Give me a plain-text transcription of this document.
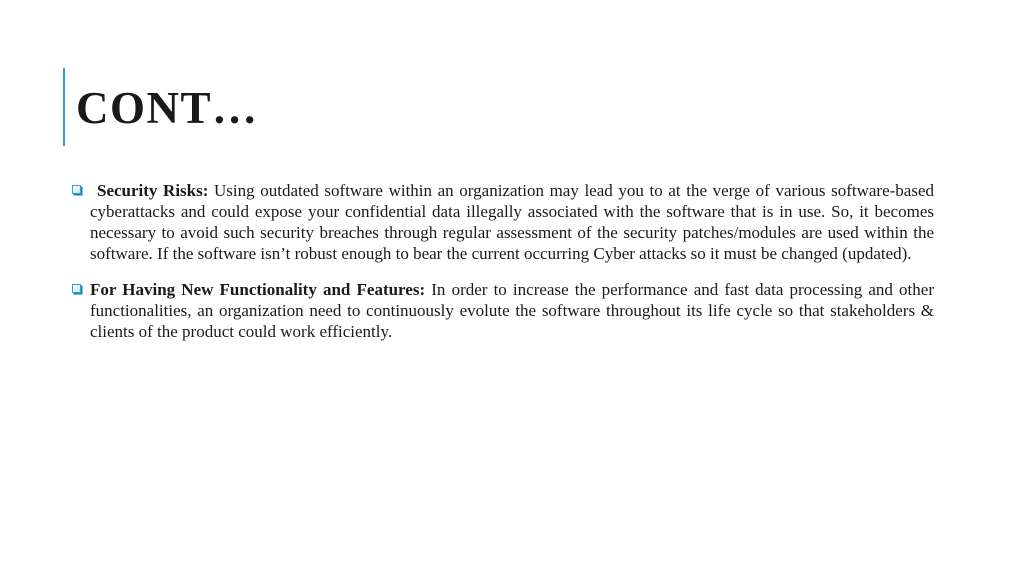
CONT…
Security Risks: Using outdated software within an organization may lead you to at the verge of various software-based cyberattacks and could expose your confidential data illegally associated with the software that is in use. So, it becomes necessary to avoid such security breaches through regular assessment of the security patches/modules are used within the software. If the software isn’t robust enough to bear the current occurring Cyber attacks so it must be changed (updated).
For Having New Functionality and Features: In order to increase the performance and fast data processing and other functionalities, an organization need to continuously evolute the software throughout its life cycle so that stakeholders & clients of the product could work efficiently.
